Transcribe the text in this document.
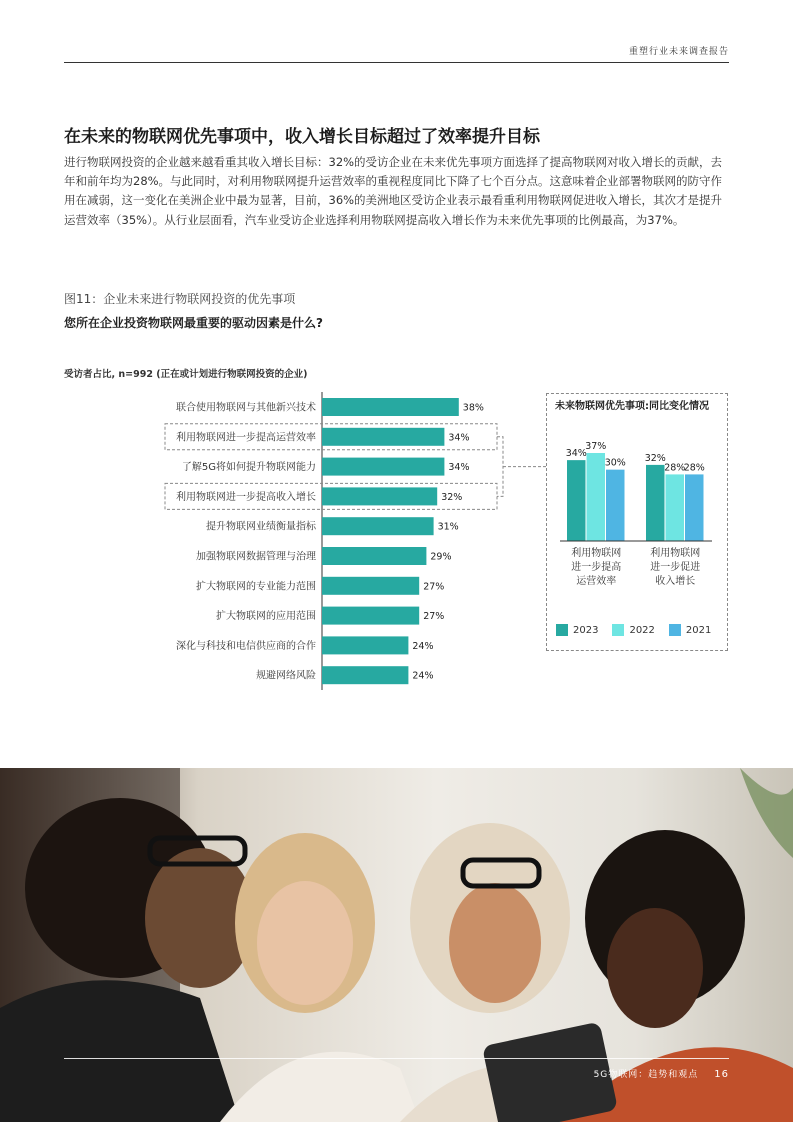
重塑行业未来调查报告
在未来的物联网优先事项中，收入增长目标超过了效率提升目标
进行物联网投资的企业越来越看重其收入增长目标：32%的受访企业在未来优先事项方面选择了提高物联网对收入增长的贡献，去年和前年均为28%。与此同时，对利用物联网提升运营效率的重视程度同比下降了七个百分点。这意味着企业部署物联网的防守作用在减弱，这一变化在美洲企业中最为显著，目前，36%的美洲地区受访企业表示最看重利用物联网促进收入增长，其次才是提升运营效率（35%）。从行业层面看，汽车业受访企业选择利用物联网提高收入增长作为未来优先事项的比例最高，为37%。
图11：企业未来进行物联网投资的优先事项
您所在企业投资物联网最重要的驱动因素是什么?
受访者占比, n=992 (正在或计划进行物联网投资的企业)
联合使用物联网与其他新兴技术	38%
利用物联网进一步提高运营效率	34%
了解5G将如何提升物联网能力	34%
利用物联网进一步提高收入增长	32%
提升物联网业绩衡量指标	31%
加强物联网数据管理与治理	29%
扩大物联网的专业能力范围	27%
扩大物联网的应用范围	27%
深化与科技和电信供应商的合作	24%
规避网络风险	24%
34%
37%
30%
利用物联网
进一步提高
运营效率
32%
28%
28%
利用物联网
进一步促进
收入增长
未来物联网优先事项:同比变化情况
2023	2022	2021
5G物联网：趋势和观点 16
